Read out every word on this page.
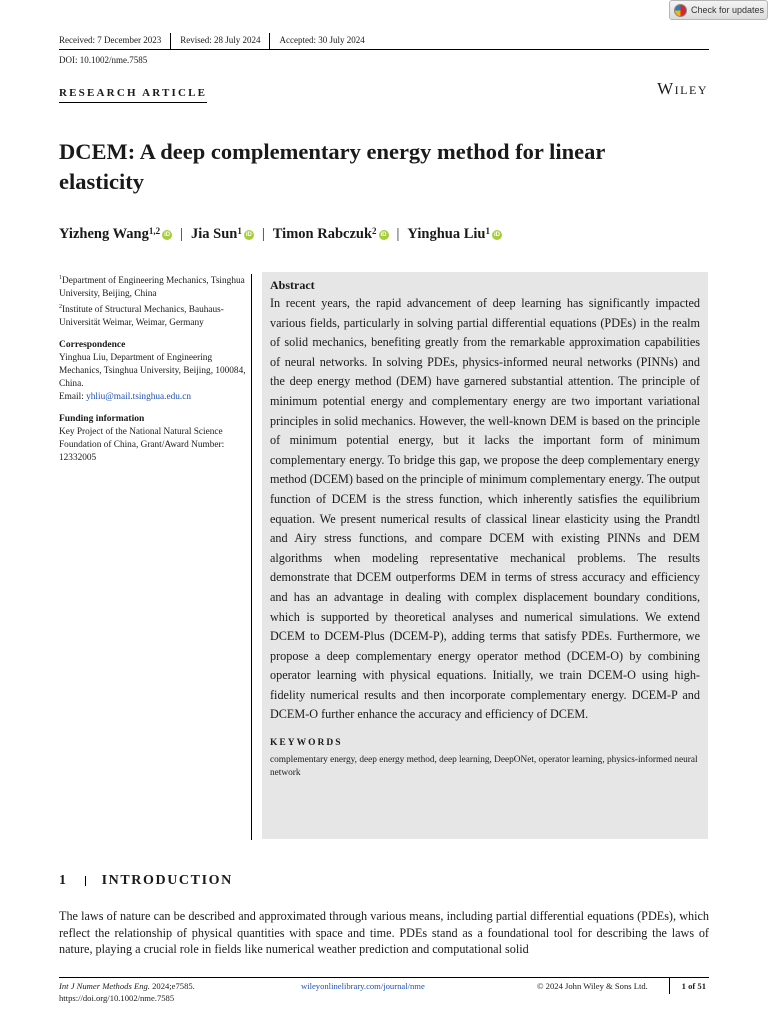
Check for updates
Received: 7 December 2023	Revised: 28 July 2024	Accepted: 30 July 2024
DOI: 10.1002/nme.7585
RESEARCH ARTICLE	Wiley
DCEM: A deep complementary energy method for linear elasticity
Yizheng Wang$^{1,2}$ iD | Jia Sun$^1$ iD | Timon Rabczuk$^2$ iD | Yinghua Liu$^1$ iD

$^1$Department of Engineering Mechanics, Tsinghua University, Beijing, China

$^2$Institute of Structural Mechanics, Bauhaus-Universität Weimar, Weimar, Germany

Correspondence

Yinghua Liu, Department of Engineering Mechanics, Tsinghua University, Beijing, 100084, China.

Email: yhliu@mail.tsinghua.edu.cn

Funding information

Key Project of the National Natural Science Foundation of China, Grant/Award Number: 12332005

Abstract

In recent years, the rapid advancement of deep learning has significantly impacted various fields, particularly in solving partial differential equations (PDEs) in the realm of solid mechanics, benefiting greatly from the remarkable approximation capabilities of neural networks. In solving PDEs, physics-informed neural networks (PINNs) and the deep energy method (DEM) have garnered substantial attention. The principle of minimum potential energy and complementary energy are two important variational principles in solid mechanics. However, the well-known DEM is based on the principle of minimum potential energy, but it lacks the important form of minimum complementary energy. To bridge this gap, we propose the deep complementary energy method (DCEM) based on the principle of minimum complementary energy. The output function of DCEM is the stress function, which inherently satisfies the equilibrium equation. We present numerical results of classical linear elasticity using the Prandtl and Airy stress functions, and compare DCEM with existing PINNs and DEM algorithms when modeling representative mechanical problems. The results demonstrate that DCEM outperforms DEM in terms of stress accuracy and efficiency and has an advantage in dealing with complex displacement boundary conditions, which is supported by theoretical analyses and numerical simulations. We extend DCEM to DCEM-Plus (DCEM-P), adding terms that satisfy PDEs. Furthermore, we propose a deep complementary energy operator method (DCEM-O) by combining operator learning with physical equations. Initially, we train DCEM-O using high-fidelity numerical results and then incorporate complementary energy. DCEM-P and DCEM-O further enhance the accuracy and efficiency of DCEM.

KEYWORDS
complementary energy, deep energy method, deep learning, DeepONet, operator learning, physics-informed neural network
1 INTRODUCTION

The laws of nature can be described and approximated through various means, including partial differential equations (PDEs), which reflect the relationship of physical quantities with space and time. PDEs stand as a foundational tool for describing the laws of nature, playing a crucial role in fields like numerical weather prediction and computational solid

Int J Numer Methods Eng. 2024;e7585.
https://doi.org/10.1002/nme.7585
wileyonlinelibrary.com/journal/nme	© 2024 John Wiley & Sons Ltd.	1 of 51
